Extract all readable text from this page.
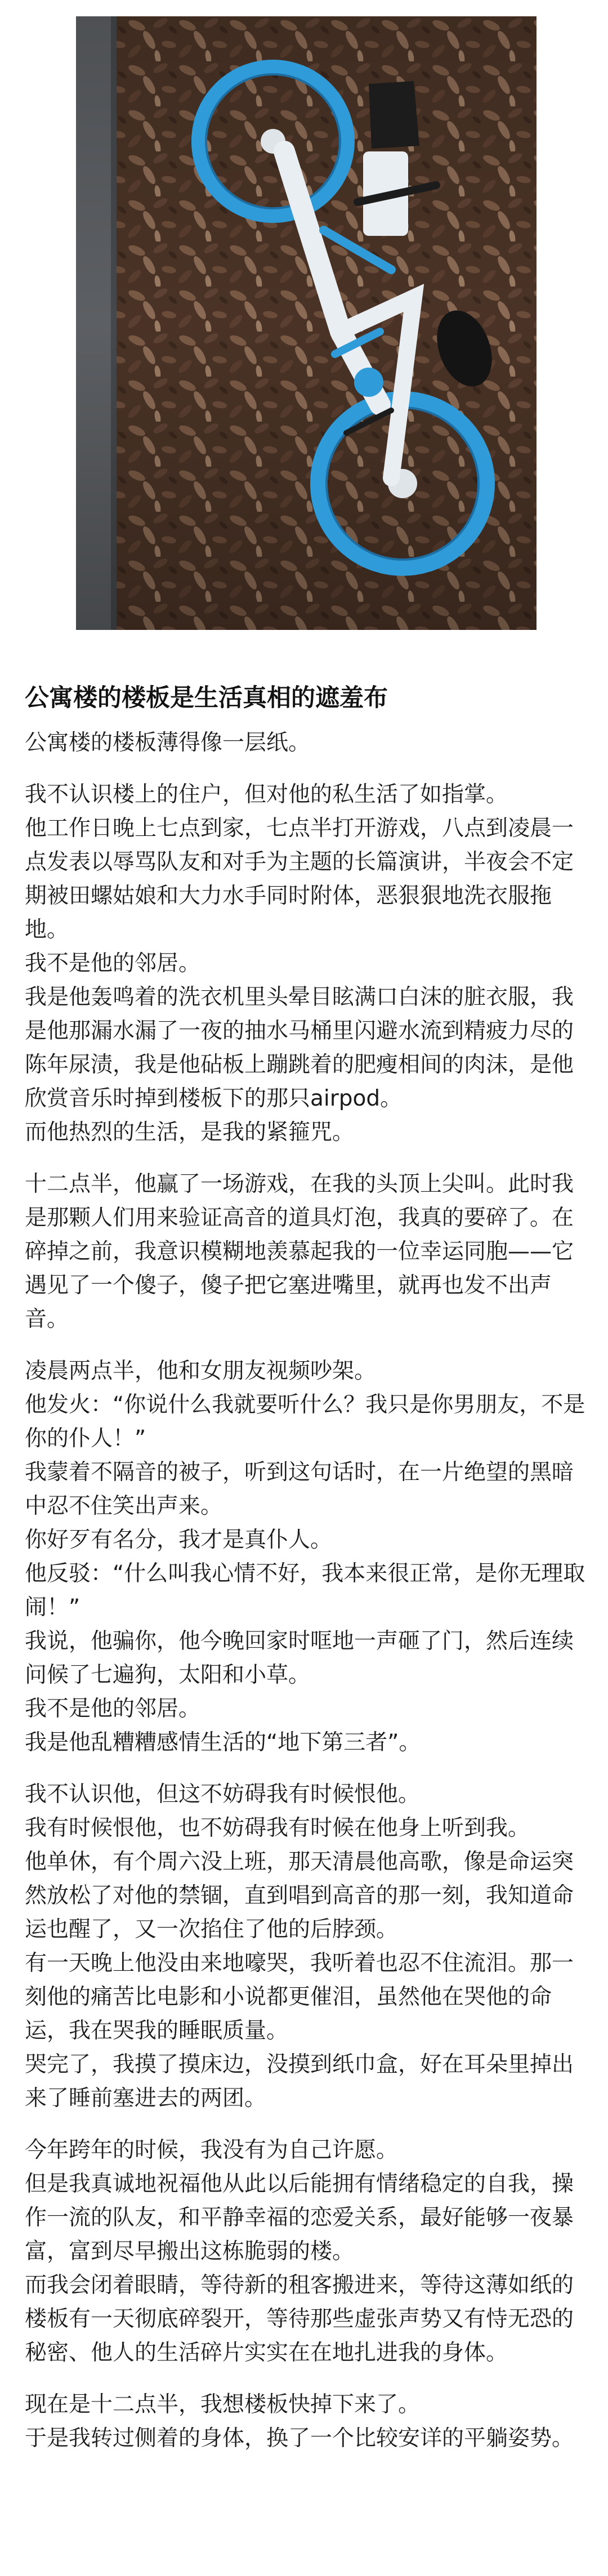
公寓楼的楼板是生活真相的遮羞布
公寓楼的楼板薄得像一层纸。
我不认识楼上的住户，但对他的私生活了如指掌。
他工作日晚上七点到家，七点半打开游戏，八点到凌晨一点发表以辱骂队友和对手为主题的长篇演讲，半夜会不定期被田螺姑娘和大力水手同时附体，恶狠狠地洗衣服拖地。
我不是他的邻居。
我是他轰鸣着的洗衣机里头晕目眩满口白沫的脏衣服，我是他那漏水漏了一夜的抽水马桶里闪避水流到精疲力尽的陈年尿渍，我是他砧板上蹦跳着的肥瘦相间的肉沫，是他欣赏音乐时掉到楼板下的那只airpod。
而他热烈的生活，是我的紧箍咒。
十二点半，他赢了一场游戏，在我的头顶上尖叫。此时我是那颗人们用来验证高音的道具灯泡，我真的要碎了。在碎掉之前，我意识模糊地羡慕起我的一位幸运同胞——它遇见了一个傻子，傻子把它塞进嘴里，就再也发不出声音。
凌晨两点半，他和女朋友视频吵架。
他发火：“你说什么我就要听什么？我只是你男朋友，不是你的仆人！”
我蒙着不隔音的被子，听到这句话时，在一片绝望的黑暗中忍不住笑出声来。
你好歹有名分，我才是真仆人。
他反驳：“什么叫我心情不好，我本来很正常，是你无理取闹！”
我说，他骗你，他今晚回家时哐地一声砸了门，然后连续问候了七遍狗，太阳和小草。
我不是他的邻居。
我是他乱糟糟感情生活的“地下第三者”。
我不认识他，但这不妨碍我有时候恨他。
我有时候恨他，也不妨碍我有时候在他身上听到我。
他单休，有个周六没上班，那天清晨他高歌，像是命运突然放松了对他的禁锢，直到唱到高音的那一刻，我知道命运也醒了，又一次掐住了他的后脖颈。
有一天晚上他没由来地嚎哭，我听着也忍不住流泪。那一刻他的痛苦比电影和小说都更催泪，虽然他在哭他的命运，我在哭我的睡眠质量。
哭完了，我摸了摸床边，没摸到纸巾盒，好在耳朵里掉出来了睡前塞进去的两团。
今年跨年的时候，我没有为自己许愿。
但是我真诚地祝福他从此以后能拥有情绪稳定的自我，操作一流的队友，和平静幸福的恋爱关系，最好能够一夜暴富，富到尽早搬出这栋脆弱的楼。
而我会闭着眼睛，等待新的租客搬进来，等待这薄如纸的楼板有一天彻底碎裂开，等待那些虚张声势又有恃无恐的秘密、他人的生活碎片实实在在地扎进我的身体。
现在是十二点半，我想楼板快掉下来了。
于是我转过侧着的身体，换了一个比较安详的平躺姿势。
